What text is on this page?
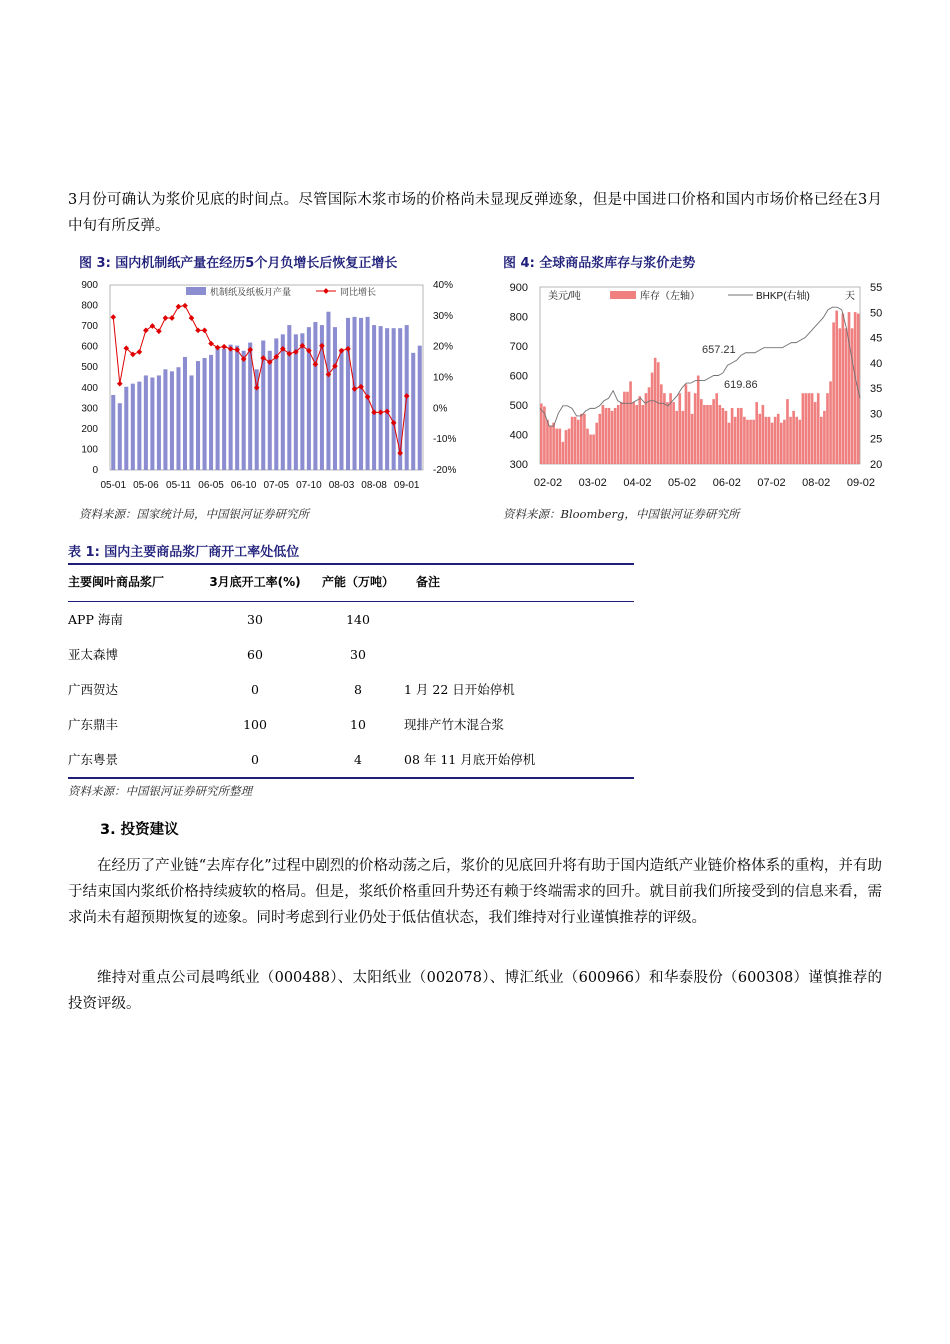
3月份可确认为浆价见底的时间点。尽管国际木浆市场的价格尚未显现反弹迹象，但是中国进口价格和国内市场价格已经在3月中旬有所反弹。
图 3: 国内机制纸产量在经历5个月负增长后恢复正增长
0
100
200
300
400
500
600
700
800
900
-20%
-10%
0%
10%
20%
30%
40%
05-01 05-06 05-11 06-05 06-10 07-05 07-10 08-03 08-08 09-01
机制纸及纸板月产量	同比增长
资料来源：国家统计局，中国银河证券研究所
图 4: 全球商品浆库存与浆价走势
300
400
500
600
700
800
900
20
25
30
35
40
45
50
55
02-02 03-02 04-02 05-02 06-02 07-02 08-02 09-02
657.21
619.86
美元/吨	库存（左轴）	BHKP(右轴)	天
资料来源：Bloomberg，中国银河证券研究所
表 1: 国内主要商品浆厂商开工率处低位
主要闽叶商品浆厂	3月底开工率(%)	产能（万吨）	备注
APP 海南	30	140
亚太森博	60	30
广西贺达	0	8	1 月 22 日开始停机
广东鼎丰	100	10	现排产竹木混合浆
广东粤景	0	4	08 年 11 月底开始停机
资料来源：中国银河证券研究所整理
3. 投资建议
在经历了产业链“去库存化”过程中剧烈的价格动荡之后，浆价的见底回升将有助于国内造纸产业链价格体系的重构，并有助于结束国内浆纸价格持续疲软的格局。但是，浆纸价格重回升势还有赖于终端需求的回升。就目前我们所接受到的信息来看，需求尚未有超预期恢复的迹象。同时考虑到行业仍处于低估值状态，我们维持对行业谨慎推荐的评级。
维持对重点公司晨鸣纸业（000488）、太阳纸业（002078）、博汇纸业（600966）和华泰股份（600308）谨慎推荐的投资评级。
